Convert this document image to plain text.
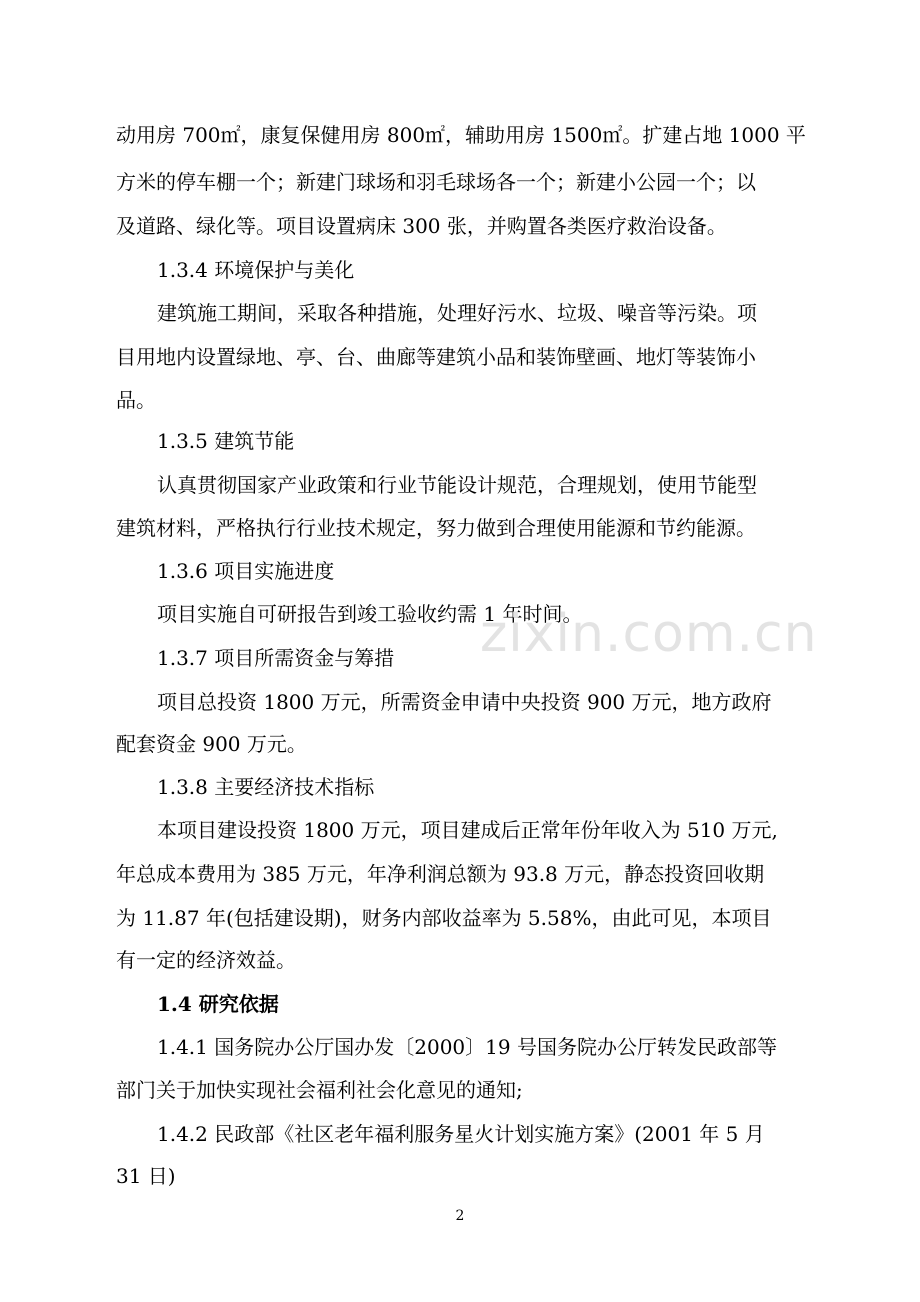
动用房 700㎡，康复保健用房 800㎡，辅助用房 1500㎡。扩建占地 1000 平
方米的停车棚一个；新建门球场和羽毛球场各一个；新建小公园一个；以
及道路、绿化等。项目设置病床 300 张，并购置各类医疗救治设备。
1.3.4 环境保护与美化
建筑施工期间，采取各种措施，处理好污水、垃圾、噪音等污染。项
目用地内设置绿地、亭、台、曲廊等建筑小品和装饰壁画、地灯等装饰小
品。
1.3.5 建筑节能
认真贯彻国家产业政策和行业节能设计规范，合理规划，使用节能型
建筑材料，严格执行行业技术规定，努力做到合理使用能源和节约能源。
1.3.6 项目实施进度
项目实施自可研报告到竣工验收约需 1 年时间。
1.3.7 项目所需资金与筹措
项目总投资 1800 万元，所需资金申请中央投资 900 万元，地方政府
配套资金 900 万元。
1.3.8 主要经济技术指标
本项目建设投资 1800 万元，项目建成后正常年份年收入为 510 万元,
年总成本费用为 385 万元，年净利润总额为 93.8 万元，静态投资回收期
为 11.87 年(包括建设期)，财务内部收益率为 5.58%，由此可见，本项目
有一定的经济效益。
1.4 研究依据
1.4.1 国务院办公厅国办发〔2000〕19 号国务院办公厅转发民政部等
部门关于加快实现社会福利社会化意见的通知;
1.4.2 民政部《社区老年福利服务星火计划实施方案》(2001 年 5 月
31 日)
zixin.com.cn
2
